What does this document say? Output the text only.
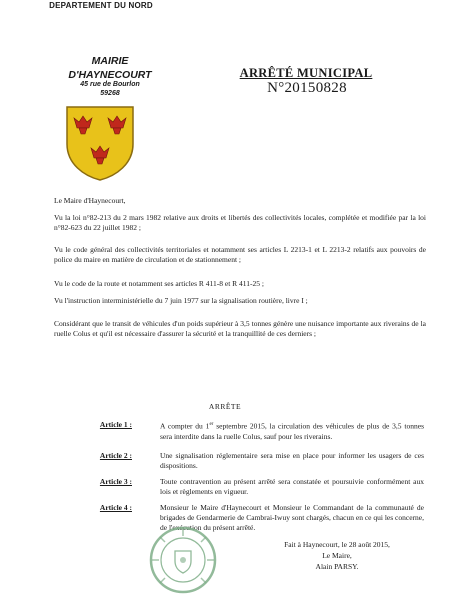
DEPARTEMENT DU NORD
MAIRIE
D'HAYNECOURT
45 rue de Bourlon
59268
ARRÊTÉ MUNICIPAL
N°20150828
Le Maire d'Haynecourt,
Vu la loi n°82-213 du 2 mars 1982 relative aux droits et libertés des collectivités locales, complétée et modifiée par la loi n°82-623 du 22 juillet 1982 ;
Vu le code général des collectivités territoriales et notamment ses articles L 2213-1 et L 2213-2 relatifs aux pouvoirs de police du maire en matière de circulation et de stationnement ;
Vu le code de la route et notamment ses articles R 411-8 et R 411-25 ;
Vu l'instruction interministérielle du 7 juin 1977 sur la signalisation routière, livre I ;
Considérant que le transit de véhicules d'un poids supérieur à 3,5 tonnes génère une nuisance importante aux riverains de la ruelle Colus et qu'il est nécessaire d'assurer la sécurité et la tranquillité de ces derniers ;
ARRÊTE
Article 1 :	A compter du 1er septembre 2015, la circulation des véhicules de plus de 3,5 tonnes sera interdite dans la ruelle Colus, sauf pour les riverains.
Article 2 :	Une signalisation réglementaire sera mise en place pour informer les usagers de ces dispositions.
Article 3 :	Toute contravention au présent arrêté sera constatée et poursuivie conformément aux lois et règlements en vigueur.
Article 4 :	Monsieur le Maire d'Haynecourt et Monsieur le Commandant de la communauté de brigades de Gendarmerie de Cambrai-Iwuy sont chargés, chacun en ce qui les concerne, de l'exécution du présent arrêté.
Fait à Haynecourt, le 28 août 2015,
Le Maire,
Alain PARSY.
